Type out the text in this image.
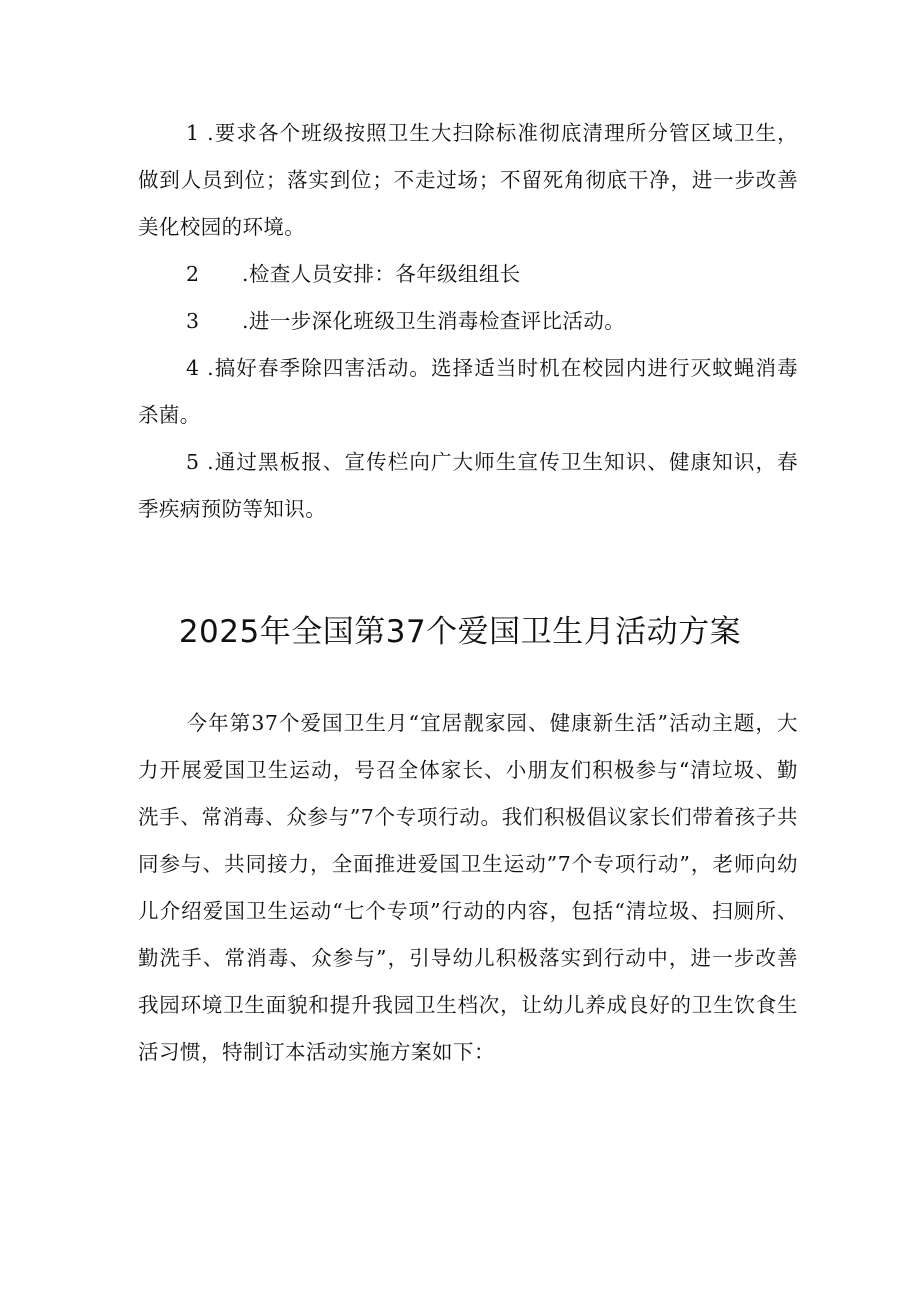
1 .要求各个班级按照卫生大扫除标准彻底清理所分管区域卫生，做到人员到位；落实到位；不走过场；不留死角彻底干净，进一步改善美化校园的环境。

2 .检查人员安排：各年级组组长

3 .进一步深化班级卫生消毒检查评比活动。

4 .搞好春季除四害活动。选择适当时机在校园内进行灭蚊蝇消毒杀菌。

5 .通过黑板报、宣传栏向广大师生宣传卫生知识、健康知识，春季疾病预防等知识。

2025年全国第37个爱国卫生月活动方案

今年第37个爱国卫生月“宜居靓家园、健康新生活”活动主题，大力开展爱国卫生运动，号召全体家长、小朋友们积极参与“清垃圾、勤洗手、常消毒、众参与”7个专项行动。我们积极倡议家长们带着孩子共同参与、共同接力，全面推进爱国卫生运动”7个专项行动”，老师向幼儿介绍爱国卫生运动“七个专项”行动的内容，包括“清垃圾、扫厕所、勤洗手、常消毒、众参与”，引导幼儿积极落实到行动中，进一步改善我园环境卫生面貌和提升我园卫生档次，让幼儿养成良好的卫生饮食生活习惯，特制订本活动实施方案如下：
